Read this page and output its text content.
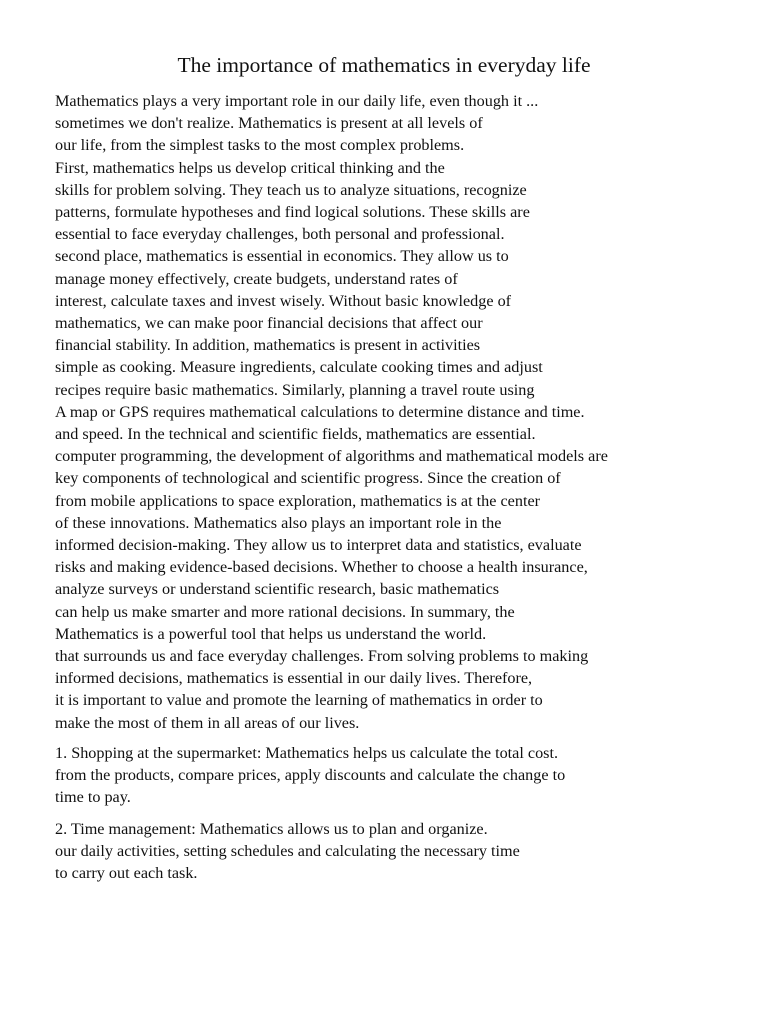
The importance of mathematics in everyday life
Mathematics plays a very important role in our daily life, even though it ...
sometimes we don't realize. Mathematics is present at all levels of
our life, from the simplest tasks to the most complex problems.
First, mathematics helps us develop critical thinking and the
skills for problem solving. They teach us to analyze situations, recognize
patterns, formulate hypotheses and find logical solutions. These skills are
essential to face everyday challenges, both personal and professional.
second place, mathematics is essential in economics. They allow us to
manage money effectively, create budgets, understand rates of
interest, calculate taxes and invest wisely. Without basic knowledge of
mathematics, we can make poor financial decisions that affect our
financial stability. In addition, mathematics is present in activities
simple as cooking. Measure ingredients, calculate cooking times and adjust
recipes require basic mathematics. Similarly, planning a travel route using
A map or GPS requires mathematical calculations to determine distance and time.
and speed. In the technical and scientific fields, mathematics are essential.
computer programming, the development of algorithms and mathematical models are
key components of technological and scientific progress. Since the creation of
from mobile applications to space exploration, mathematics is at the center
of these innovations. Mathematics also plays an important role in the
informed decision-making. They allow us to interpret data and statistics, evaluate
risks and making evidence-based decisions. Whether to choose a health insurance,
analyze surveys or understand scientific research, basic mathematics
can help us make smarter and more rational decisions. In summary, the
Mathematics is a powerful tool that helps us understand the world.
that surrounds us and face everyday challenges. From solving problems to making
informed decisions, mathematics is essential in our daily lives. Therefore,
it is important to value and promote the learning of mathematics in order to
make the most of them in all areas of our lives.
1. Shopping at the supermarket: Mathematics helps us calculate the total cost.
from the products, compare prices, apply discounts and calculate the change to
time to pay.
2. Time management: Mathematics allows us to plan and organize.
our daily activities, setting schedules and calculating the necessary time
to carry out each task.
